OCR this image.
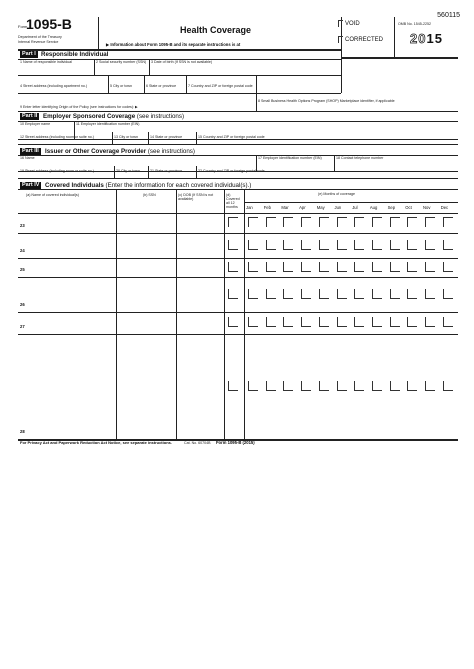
560115
Form
1095-B
Department of the Treasury
Internal Revenue Service
Health Coverage
▶ Information about Form 1095-B and its separate instructions is at
VOID
CORRECTED
OMB No. 1545-2252
2015
Part I Responsible Individual
1 Name of responsible individual	2 Social security number (SSN) 3 Date of birth (If SSN is not available)
4 Street address (including apartment no.)	5 City or town	6 State or province	7 Country and ZIP or foreign postal code
8 Small Business Health Options Program (SHOP) Marketplace identifier, if applicable
9 Enter letter identifying Origin of the Policy (see instructions for codes): ▶
Part II Employer Sponsored Coverage (see instructions)
10 Employer name	11 Employer identification number (EIN)
12 Street address (including room or suite no.)	13 City or town	14 State or province	15 Country and ZIP or foreign postal code
Part III Issuer or Other Coverage Provider (see instructions)
16 Name	17 Employer identification number (EIN)	18 Contact telephone number
19 Street address (including room or suite no.)	20 City or town	21 State or province	22 Country and ZIP or foreign postal code
Part IV Covered Individuals (Enter the information for each covered individual(s).)
(a) Name of covered individual(s)	(b) SSN	(c) DOB (If SSN is not available)
(d) Covered all 12 months
(e) Months of coverage
Jan	Feb Mar Apr	May Jun	Jul	Aug Sep Oct	Nov Dec
23
24
25
26
27
28
For Privacy Act and Paperwork Reduction Act Notice, see separate instructions.	Cat. No. 60704B Form 1095-B (2015)
